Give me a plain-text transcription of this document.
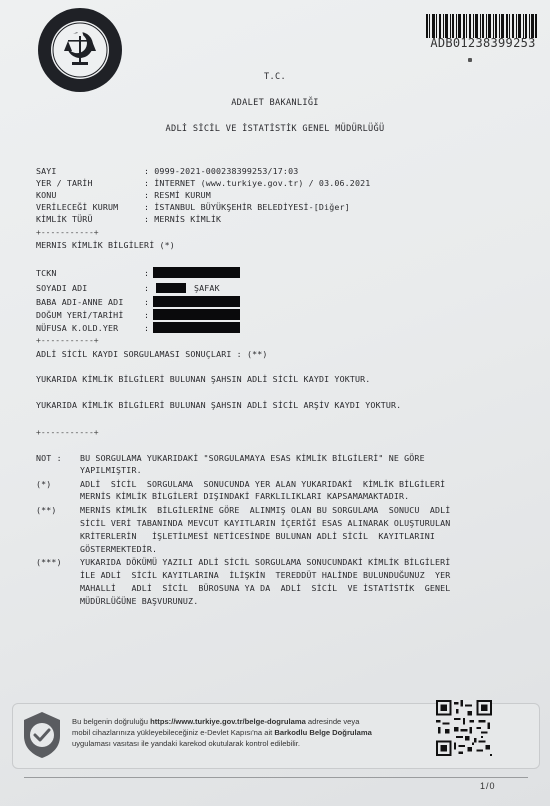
ADB01238399253
T.C.
ADALET BAKANLIĞI
ADLİ SİCİL VE İSTATİSTİK GENEL MÜDÜRLÜĞÜ
SAYI	: 0999-2021-000238399253/17:03
YER / TARİH	: İNTERNET (www.turkiye.gov.tr) / 03.06.2021
KONU	: RESMİ KURUM
VERİLECEĞİ KURUM	: İSTANBUL BÜYÜKŞEHİR BELEDİYESİ-[Diğer]
KİMLİK TÜRÜ	: MERNİS KİMLİK
+-----------+
MERNIS KİMLİK BİLGİLERİ (*)
TCKN	:
SOYADI ADI	:	ŞAFAK
BABA ADI-ANNE ADI :
DOĞUM YERİ/TARİHİ :
NÜFUSA K.OLD.YER	:
+-----------+
ADLİ SİCİL KAYDI SORGULAMASI SONUÇLARI : (**)
YUKARIDA KİMLİK BİLGİLERİ BULUNAN ŞAHSIN ADLİ SİCİL KAYDI YOKTUR.
YUKARIDA KİMLİK BİLGİLERİ BULUNAN ŞAHSIN ADLİ SİCİL ARŞİV KAYDI YOKTUR.
+-----------+
NOT : BU SORGULAMA YUKARIDAKİ "SORGULAMAYA ESAS KİMLİK BİLGİLERİ" NE GÖRE
YAPILMIŞTIR.
(*)	ADLİ  SİCİL  SORGULAMA  SONUCUNDA YER ALAN YUKARIDAKİ  KİMLİK BİLGİLERİ
MERNİS KİMLİK BİLGİLERİ DIŞINDAKİ FARKLILIKLARI KAPSAMAMAKTADIR.
(**)	MERNİS KİMLİK  BİLGİLERİNE GÖRE  ALINMIŞ OLAN BU SORGULAMA  SONUCU  ADLİ
SİCİL VERİ TABANINDA MEVCUT KAYITLARIN İÇERİĞİ ESAS ALINARAK OLUŞTURULAN
KRİTERLERİN   İŞLETİLMESİ NETİCESİNDE BULUNAN ADLİ SİCİL  KAYITLARINI
GÖSTERMEKTEDİR.
(***) YUKARIDA DÖKÜMÜ YAZILI ADLİ SİCİL SORGULAMA SONUCUNDAKİ KİMLİK BİLGİLERİ
İLE ADLİ  SİCİL KAYITLARINA  İLİŞKİN  TEREDDÜT HALİNDE BULUNDUĞUNUZ  YER
MAHALLİ   ADLİ  SİCİL  BÜROSUNA YA DA  ADLİ  SİCİL  VE İSTATİSTİK  GENEL
MÜDÜRLÜĞÜNE BAŞVURUNUZ.
Bu belgenin doğruluğu https://www.turkiye.gov.tr/belge-dogrulama adresinde veya
mobil cihazlarınıza yükleyebileceğiniz e-Devlet Kapısı'na ait Barkodlu Belge Doğrulama
uygulaması vasıtası ile yandaki karekod okutularak kontrol edilebilir.
1/0
